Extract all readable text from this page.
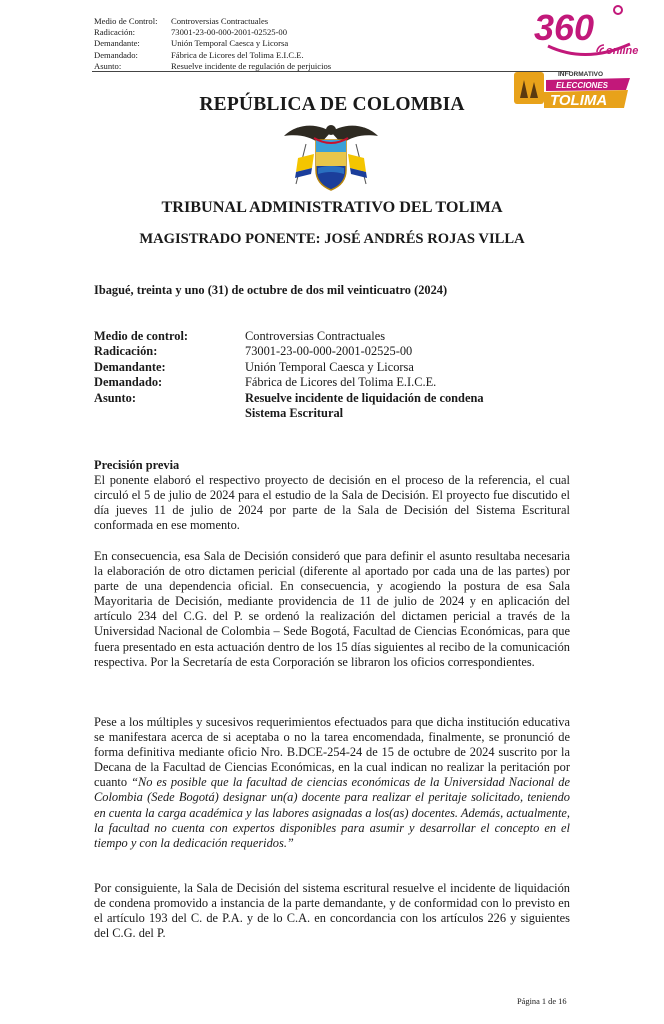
Medio de Control:	Controversias Contractuales
Radicación:	73001-23-00-000-2001-02525-00
Demandante:	Unión Temporal Caesca y Licorsa
Demandado:	Fábrica de Licores del Tolima E.I.C.E.
Asunto:	Resuelve incidente de regulación de perjuicios
360
online
INFORMATIVO
ELECCIONES
TOLIMA
REPÚBLICA DE COLOMBIA
TRIBUNAL ADMINISTRATIVO DEL TOLIMA
MAGISTRADO PONENTE: JOSÉ ANDRÉS ROJAS VILLA
Ibagué, treinta y uno (31) de octubre de dos mil veinticuatro (2024)
Medio de control:	Controversias Contractuales
Radicación:	73001-23-00-000-2001-02525-00
Demandante:	Unión Temporal Caesca y Licorsa
Demandado:	Fábrica de Licores del Tolima E.I.C.E.
Asunto:	Resuelve incidente de liquidación de condena
Sistema Escritural
Precisión previa
El ponente elaboró el respectivo proyecto de decisión en el proceso de la referencia, el cual circuló el 5 de julio de 2024 para el estudio de la Sala de Decisión. El proyecto fue discutido el día jueves 11 de julio de 2024 por parte de la Sala de Decisión del Sistema Escritural conformada en ese momento.
En consecuencia, esa Sala de Decisión consideró que para definir el asunto resultaba necesaria la elaboración de otro dictamen pericial (diferente al aportado por cada una de las partes) por parte de una dependencia oficial. En consecuencia, y acogiendo la postura de esa Sala Mayoritaria de Decisión, mediante providencia de 11 de julio de 2024 y en aplicación del artículo 234 del C.G. del P. se ordenó la realización del dictamen pericial a través de la Universidad Nacional de Colombia – Sede Bogotá, Facultad de Ciencias Económicas, para que fuera presentado en esta actuación dentro de los 15 días siguientes al recibo de la comunicación respectiva. Por la Secretaría de esta Corporación se libraron los oficios correspondientes.
Pese a los múltiples y sucesivos requerimientos efectuados para que dicha institución educativa se manifestara acerca de si aceptaba o no la tarea encomendada, finalmente, se pronunció de forma definitiva mediante oficio Nro. B.DCE-254-24 de 15 de octubre de 2024 suscrito por la Decana de la Facultad de Ciencias Económicas, en la cual indican no realizar la peritación por cuanto “No es posible que la facultad de ciencias económicas de la Universidad Nacional de Colombia (Sede Bogotá) designar un(a) docente para realizar el peritaje solicitado, teniendo en cuenta la carga académica y las labores asignadas a los(as) docentes. Además, actualmente, la facultad no cuenta con expertos disponibles para asumir y desarrollar el concepto en el tiempo y con la dedicación requeridos.”
Por consiguiente, la Sala de Decisión del sistema escritural resuelve el incidente de liquidación de condena promovido a instancia de la parte demandante, y de conformidad con lo previsto en el artículo 193 del C. de P.A. y de lo C.A. en concordancia con los artículos 226 y siguientes del C.G. del P.
Página 1 de 16
